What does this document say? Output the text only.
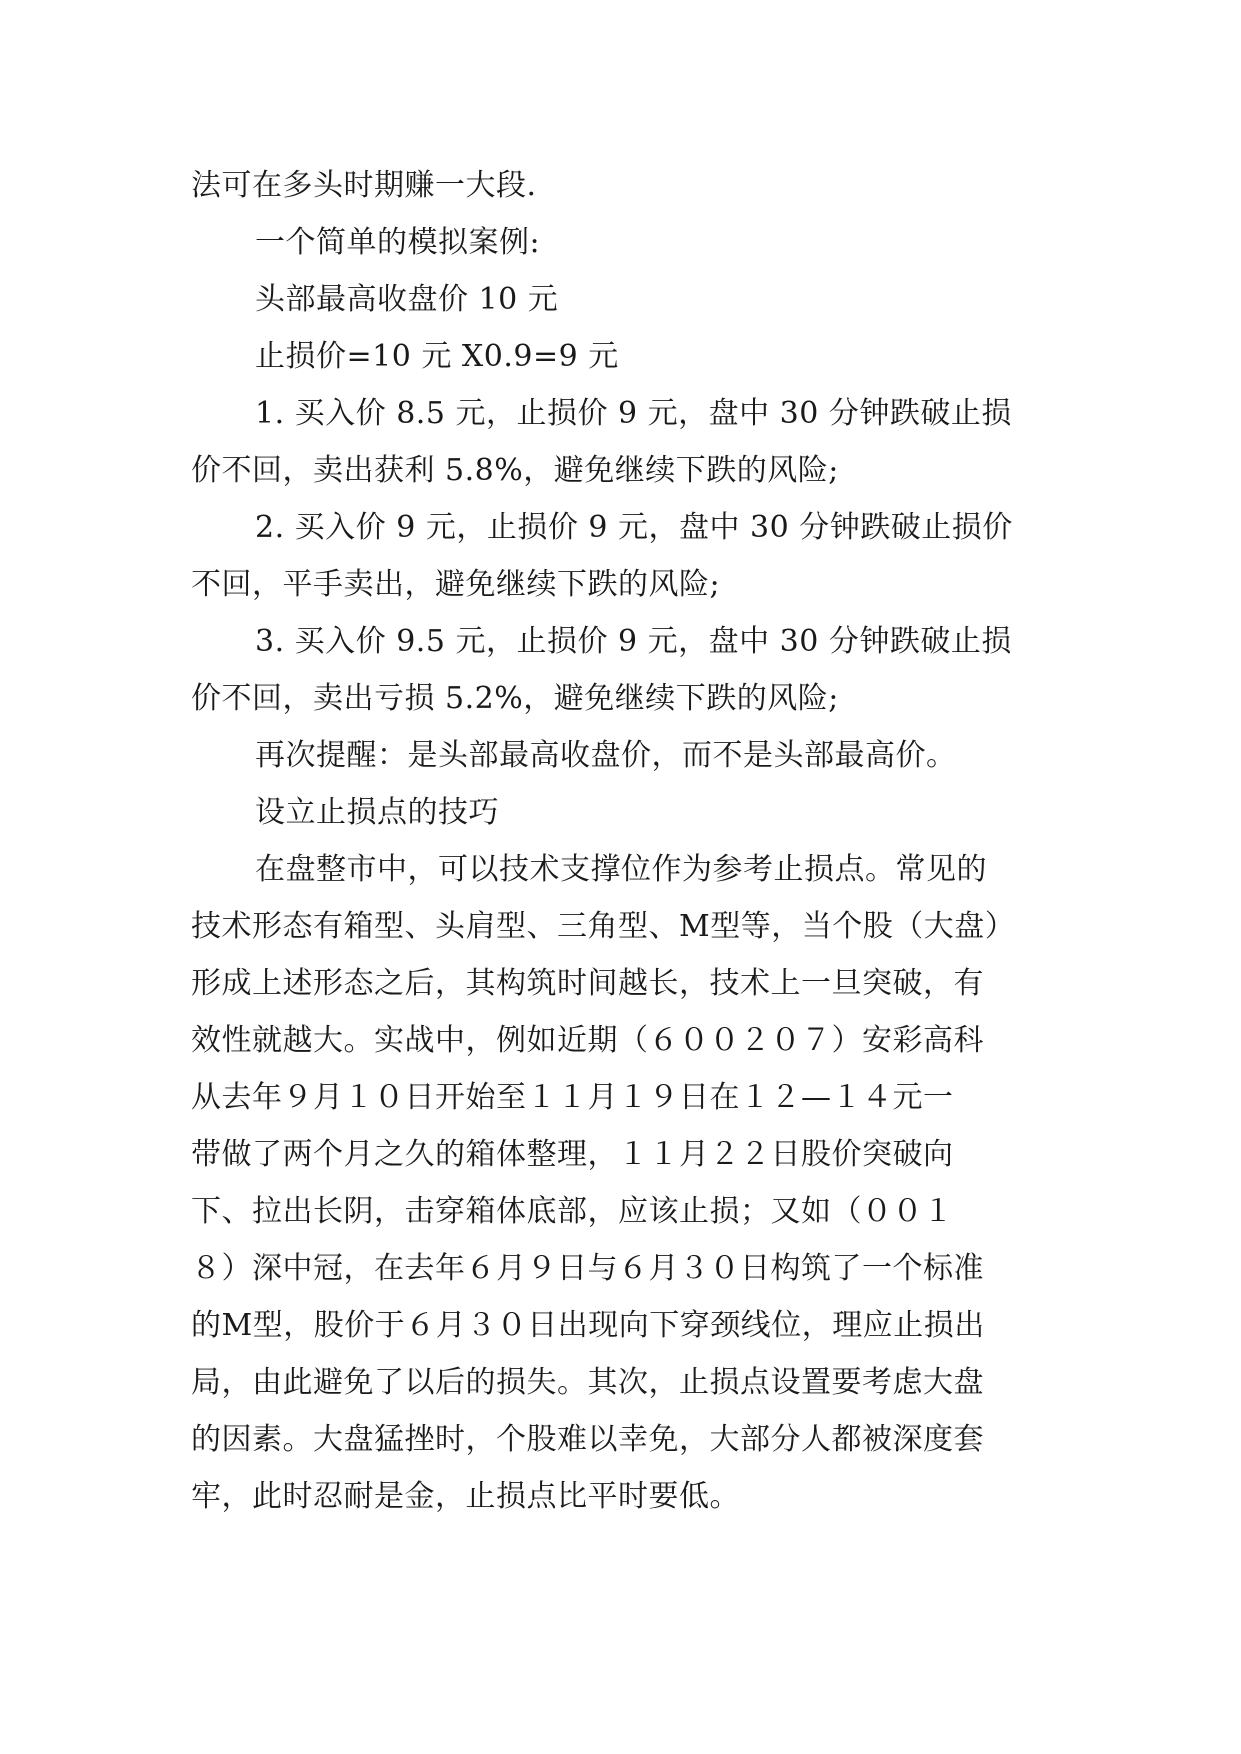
法可在多头时期赚一大段.
一个简单的模拟案例:
头部最高收盘价 10 元
止损价=10 元 X0.9=9 元
1. 买入价 8.5 元，止损价 9 元，盘中 30 分钟跌破止损
价不回，卖出获利 5.8%，避免继续下跌的风险;
2. 买入价 9 元，止损价 9 元，盘中 30 分钟跌破止损价
不回，平手卖出，避免继续下跌的风险;
3. 买入价 9.5 元，止损价 9 元，盘中 30 分钟跌破止损
价不回，卖出亏损 5.2%，避免继续下跌的风险;
再次提醒：是头部最高收盘价，而不是头部最高价。
设立止损点的技巧
在盘整市中，可以技术支撑位作为参考止损点。常见的
技术形态有箱型、头肩型、三角型、M型等，当个股（大盘）
形成上述形态之后，其构筑时间越长，技术上一旦突破，有
效性就越大。实战中，例如近期（６００２０７）安彩高科
从去年９月１０日开始至１１月１９日在１２—１４元一
带做了两个月之久的箱体整理，１１月２２日股价突破向
下、拉出长阴，击穿箱体底部，应该止损；又如（００１
８）深中冠，在去年６月９日与６月３０日构筑了一个标准
的M型，股价于６月３０日出现向下穿颈线位，理应止损出
局，由此避免了以后的损失。其次，止损点设置要考虑大盘
的因素。大盘猛挫时，个股难以幸免，大部分人都被深度套
牢，此时忍耐是金，止损点比平时要低。
